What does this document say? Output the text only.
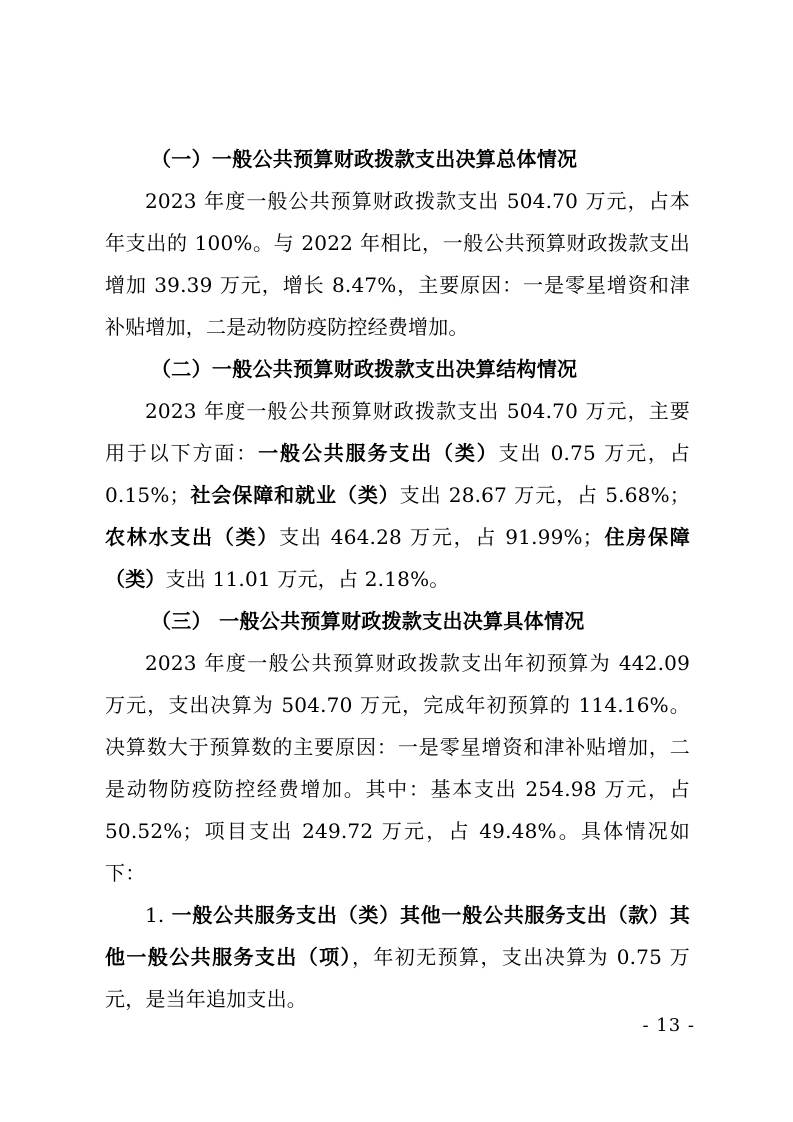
（一）一般公共预算财政拨款支出决算总体情况

2023 年度一般公共预算财政拨款支出 504.70 万元，占本年支出的 100%。与 2022 年相比，一般公共预算财政拨款支出增加 39.39 万元，增长 8.47%，主要原因：一是零星增资和津补贴增加，二是动物防疫防控经费增加。

（二）一般公共预算财政拨款支出决算结构情况

2023 年度一般公共预算财政拨款支出 504.70 万元，主要用于以下方面：一般公共服务支出（类）支出 0.75 万元，占 0.15%；社会保障和就业（类）支出 28.67 万元，占 5.68%；农林水支出（类）支出 464.28 万元，占 91.99%；住房保障（类）支出 11.01 万元，占 2.18%。

（三） 一般公共预算财政拨款支出决算具体情况

2023 年度一般公共预算财政拨款支出年初预算为 442.09 万元，支出决算为 504.70 万元，完成年初预算的 114.16%。决算数大于预算数的主要原因：一是零星增资和津补贴增加，二是动物防疫防控经费增加。其中：基本支出 254.98 万元，占 50.52%；项目支出 249.72 万元，占 49.48%。具体情况如下：

1. 一般公共服务支出（类）其他一般公共服务支出（款）其他一般公共服务支出（项），年初无预算，支出决算为 0.75 万元，是当年追加支出。

- 13 -
